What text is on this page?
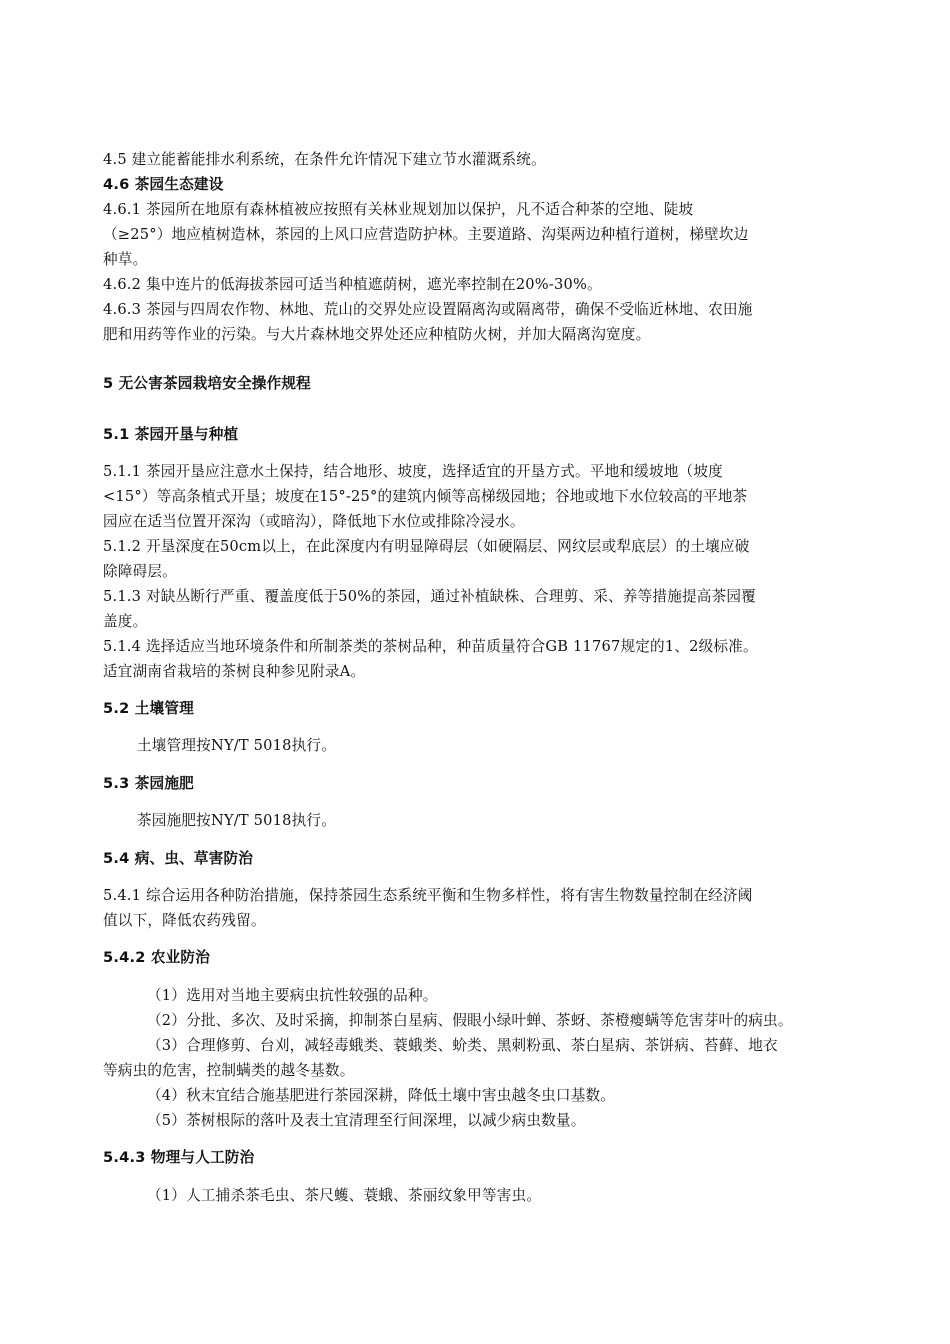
4.5 建立能蓄能排水利系统，在条件允许情况下建立节水灌溉系统。
4.6 茶园生态建设
4.6.1 茶园所在地原有森林植被应按照有关林业规划加以保护，凡不适合种茶的空地、陡坡
（≥25°）地应植树造林，茶园的上风口应营造防护林。主要道路、沟渠两边种植行道树，梯壁坎边
种草。
4.6.2 集中连片的低海拔茶园可适当种植遮荫树，遮光率控制在20%-30%。
4.6.3 茶园与四周农作物、林地、荒山的交界处应设置隔离沟或隔离带，确保不受临近林地、农田施
肥和用药等作业的污染。与大片森林地交界处还应种植防火树，并加大隔离沟宽度。
5 无公害茶园栽培安全操作规程
5.1 茶园开垦与种植
5.1.1 茶园开垦应注意水土保持，结合地形、坡度，选择适宜的开垦方式。平地和缓坡地（坡度
<15°）等高条植式开垦；坡度在15°-25°的建筑内倾等高梯级园地；谷地或地下水位较高的平地茶
园应在适当位置开深沟（或暗沟），降低地下水位或排除冷浸水。
5.1.2 开垦深度在50cm以上，在此深度内有明显障碍层（如硬隔层、网纹层或犁底层）的土壤应破
除障碍层。
5.1.3 对缺丛断行严重、覆盖度低于50%的茶园，通过补植缺株、合理剪、采、养等措施提高茶园覆
盖度。
5.1.4 选择适应当地环境条件和所制茶类的茶树品种，种苗质量符合GB 11767规定的1、2级标准。
适宜湖南省栽培的茶树良种参见附录A。
5.2 土壤管理
土壤管理按NY/T 5018执行。
5.3 茶园施肥
茶园施肥按NY/T 5018执行。
5.4 病、虫、草害防治
5.4.1 综合运用各种防治措施，保持茶园生态系统平衡和生物多样性，将有害生物数量控制在经济阈
值以下，降低农药残留。
5.4.2 农业防治
（1）选用对当地主要病虫抗性较强的品种。
（2）分批、多次、及时采摘，抑制茶白星病、假眼小绿叶蝉、茶蚜、茶橙瘿螨等危害芽叶的病虫。
（3）合理修剪、台刈，减轻毒蛾类、蓑蛾类、蚧类、黑刺粉虱、茶白星病、茶饼病、苔藓、地衣
等病虫的危害，控制螨类的越冬基数。
（4）秋末宜结合施基肥进行茶园深耕，降低土壤中害虫越冬虫口基数。
（5）茶树根际的落叶及表土宜清理至行间深埋，以减少病虫数量。
5.4.3 物理与人工防治
（1）人工捕杀茶毛虫、茶尺蠖、蓑蛾、茶丽纹象甲等害虫。
